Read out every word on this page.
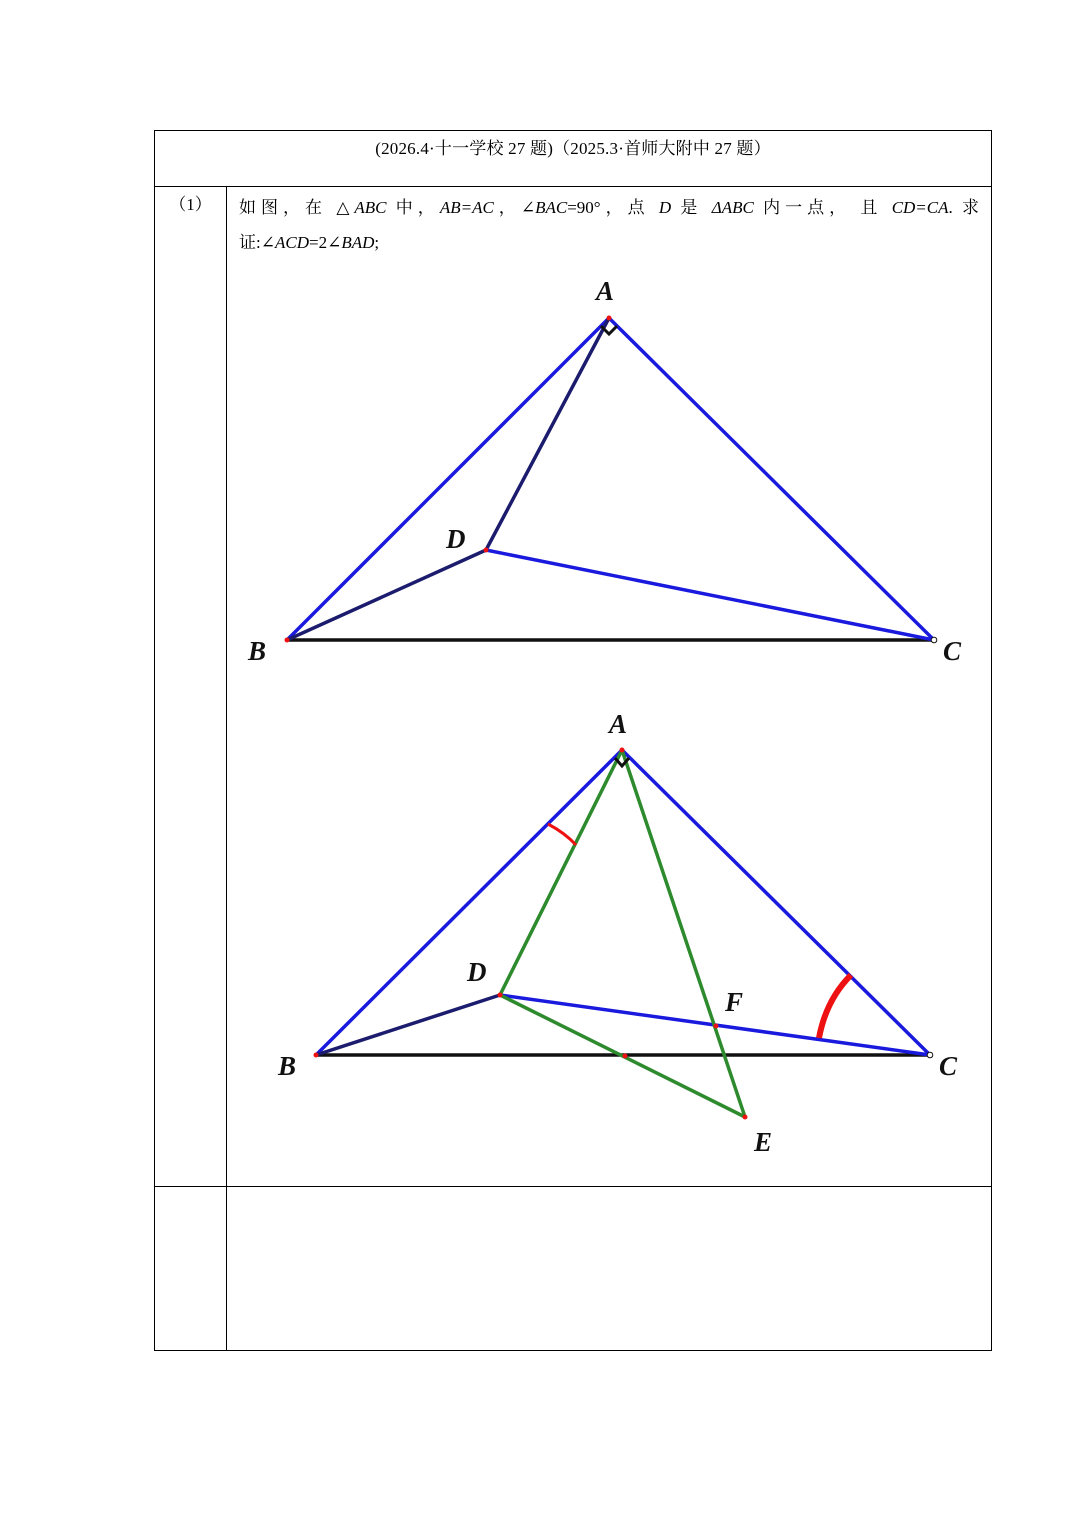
(2026.4·十一学校 27 题)（2025.3·首师大附中 27 题）
（1）	如图，在 △ABC 中，AB=AC，∠BAC=90°，点 D 是 ΔABC 内一点， 且 CD=CA. 求证:∠ACD=2∠BAD;
A
D
B	C
A
D
F
B	C
E
